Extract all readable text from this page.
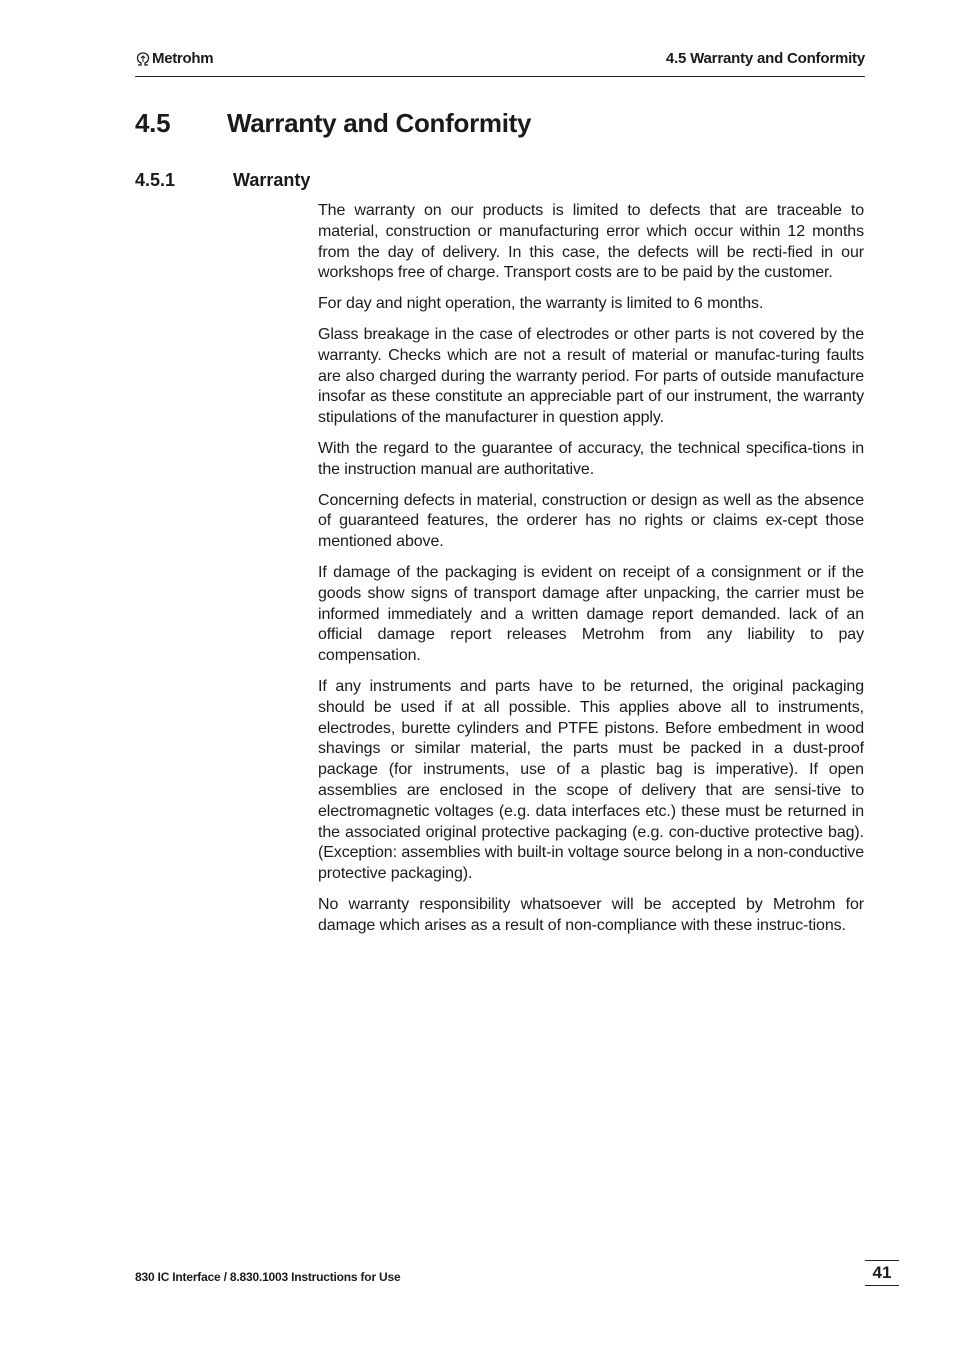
Metrohm	4.5 Warranty and Conformity
4.5 Warranty and Conformity
4.5.1	Warranty

The warranty on our products is limited to defects that are traceable to material, construction or manufacturing error which occur within 12 months from the day of delivery. In this case, the defects will be recti-fied in our workshops free of charge. Transport costs are to be paid by the customer.

For day and night operation, the warranty is limited to 6 months.

Glass breakage in the case of electrodes or other parts is not covered by the warranty. Checks which are not a result of material or manufac-turing faults are also charged during the warranty period. For parts of outside manufacture insofar as these constitute an appreciable part of our instrument, the warranty stipulations of the manufacturer in question apply.

With the regard to the guarantee of accuracy, the technical specifica-tions in the instruction manual are authoritative.

Concerning defects in material, construction or design as well as the absence of guaranteed features, the orderer has no rights or claims ex-cept those mentioned above.

If damage of the packaging is evident on receipt of a consignment or if the goods show signs of transport damage after unpacking, the carrier must be informed immediately and a written damage report demanded. lack of an official damage report releases Metrohm from any liability to pay compensation.

If any instruments and parts have to be returned, the original packaging should be used if at all possible. This applies above all to instruments, electrodes, burette cylinders and PTFE pistons. Before embedment in wood shavings or similar material, the parts must be packed in a dust-proof package (for instruments, use of a plastic bag is imperative). If open assemblies are enclosed in the scope of delivery that are sensi-tive to electromagnetic voltages (e.g. data interfaces etc.) these must be returned in the associated original protective packaging (e.g. con-ductive protective bag). (Exception: assemblies with built-in voltage source belong in a non-conductive protective packaging).

No warranty responsibility whatsoever will be accepted by Metrohm for damage which arises as a result of non-compliance with these instruc-tions.

830 IC Interface / 8.830.1003 Instructions for Use	41
